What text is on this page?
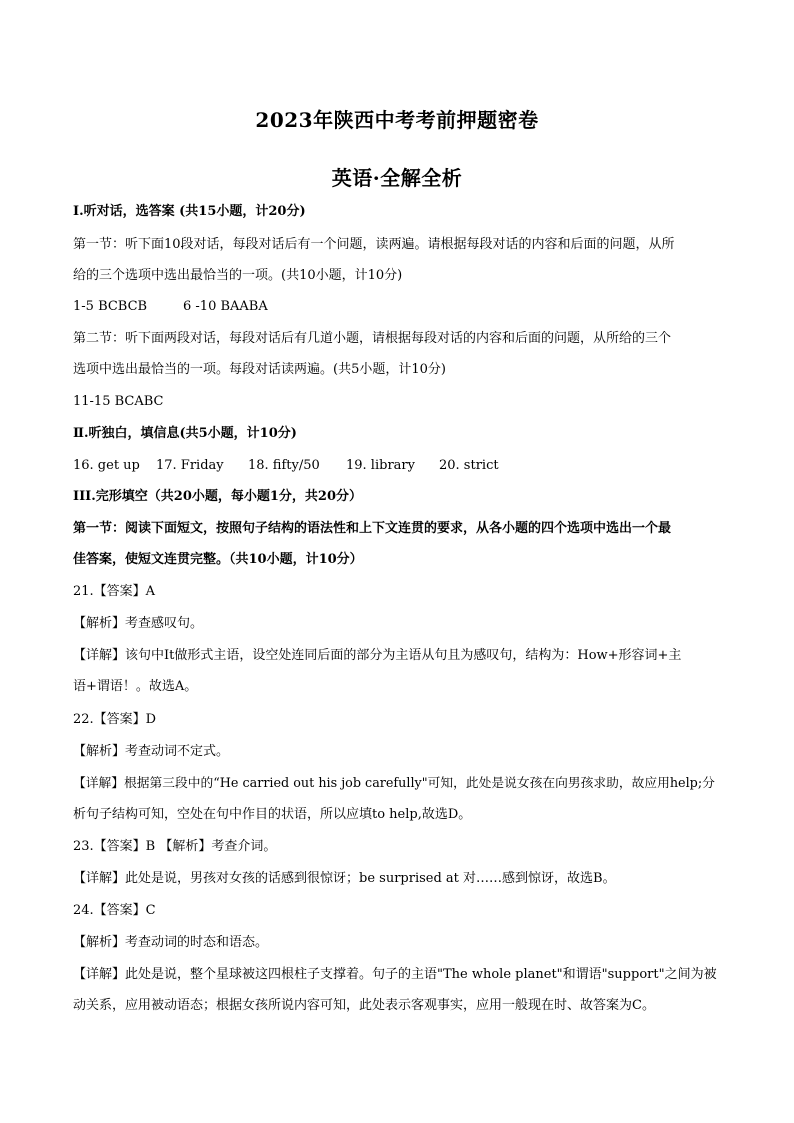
2023年陕西中考考前押题密卷
英语·全解全析
Ⅰ.听对话，选答案 (共15小题，计20分)
第一节：听下面10段对话，每段对话后有一个问题，读两遍。请根据每段对话的内容和后面的问题，从所
给的三个选项中选出最恰当的一项。(共10小题，计10分)
1-5 BCBCB	6 -10 BAABA
第二节：听下面两段对话，每段对话后有几道小题，请根据每段对话的内容和后面的问题，从所给的三个
选项中选出最恰当的一项。每段对话读两遍。(共5小题，计10分)
11-15 BCABC
Ⅱ.听独白，填信息(共5小题，计10分)
16. get up	17. Friday	18. fifty/50	19. library	20. strict
III.完形填空（共20小题，每小题1分，共20分）
第一节：阅读下面短文，按照句子结构的语法性和上下文连贯的要求，从各小题的四个选项中选出一个最
佳答案，使短文连贯完整。（共10小题，计10分）
21.【答案】A
【解析】考查感叹句。
【详解】该句中It做形式主语，设空处连同后面的部分为主语从句且为感叹句，结构为：How+形容词+主
语+谓语！。故选A。
22.【答案】D
【解析】考查动词不定式。
【详解】根据第三段中的“He carried out his job carefully"可知，此处是说女孩在向男孩求助，故应用help;分
析句子结构可知，空处在句中作目的状语，所以应填to help,故选D。
23.【答案】B 【解析】考查介词。
【详解】此处是说，男孩对女孩的话感到很惊讶；be surprised at 对……感到惊讶，故选B。
24.【答案】C
【解析】考查动词的时态和语态。
【详解】此处是说，整个星球被这四根柱子支撑着。句子的主语"The whole planet"和谓语"support"之间为被
动关系，应用被动语态；根据女孩所说内容可知，此处表示客观事实，应用一般现在时、故答案为C。
